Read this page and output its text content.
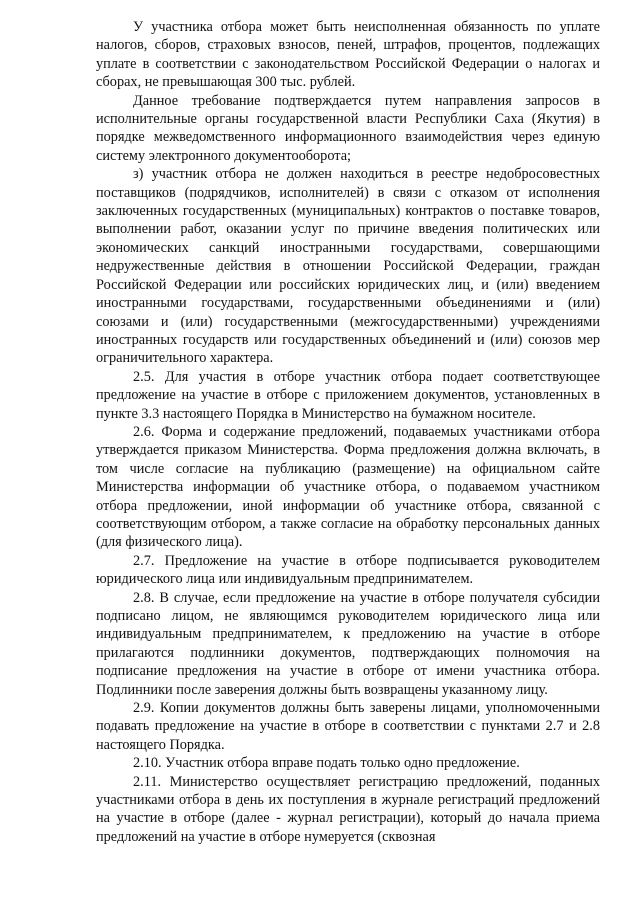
У участника отбора может быть неисполненная обязанность по уплате налогов, сборов, страховых взносов, пеней, штрафов, процентов, подлежащих уплате в соответствии с законодательством Российской Федерации о налогах и сборах, не превышающая 300 тыс. рублей.

Данное требование подтверждается путем направления запросов в исполнительные органы государственной власти Республики Саха (Якутия) в порядке межведомственного информационного взаимодействия через единую систему электронного документооборота;

з) участник отбора не должен находиться в реестре недобросовестных поставщиков (подрядчиков, исполнителей) в связи с отказом от исполнения заключенных государственных (муниципальных) контрактов о поставке товаров, выполнении работ, оказании услуг по причине введения политических или экономических санкций иностранными государствами, совершающими недружественные действия в отношении Российской Федерации, граждан Российской Федерации или российских юридических лиц, и (или) введением иностранными государствами, государственными объединениями и (или) союзами и (или) государственными (межгосударственными) учреждениями иностранных государств или государственных объединений и (или) союзов мер ограничительного характера.

2.5. Для участия в отборе участник отбора подает соответствующее предложение на участие в отборе с приложением документов, установленных в пункте 3.3 настоящего Порядка в Министерство на бумажном носителе.

2.6. Форма и содержание предложений, подаваемых участниками отбора утверждается приказом Министерства. Форма предложения должна включать, в том числе согласие на публикацию (размещение) на официальном сайте Министерства информации об участнике отбора, о подаваемом участником отбора предложении, иной информации об участнике отбора, связанной с соответствующим отбором, а также согласие на обработку персональных данных (для физического лица).

2.7. Предложение на участие в отборе подписывается руководителем юридического лица или индивидуальным предпринимателем.

2.8. В случае, если предложение на участие в отборе получателя субсидии подписано лицом, не являющимся руководителем юридического лица или индивидуальным предпринимателем, к предложению на участие в отборе прилагаются подлинники документов, подтверждающих полномочия на подписание предложения на участие в отборе от имени участника отбора. Подлинники после заверения должны быть возвращены указанному лицу.

2.9. Копии документов должны быть заверены лицами, уполномоченными подавать предложение на участие в отборе в соответствии с пунктами 2.7 и 2.8 настоящего Порядка.

2.10. Участник отбора вправе подать только одно предложение.

2.11. Министерство осуществляет регистрацию предложений, поданных участниками отбора в день их поступления в журнале регистраций предложений на участие в отборе (далее - журнал регистрации), который до начала приема предложений на участие в отборе нумеруется (сквозная
